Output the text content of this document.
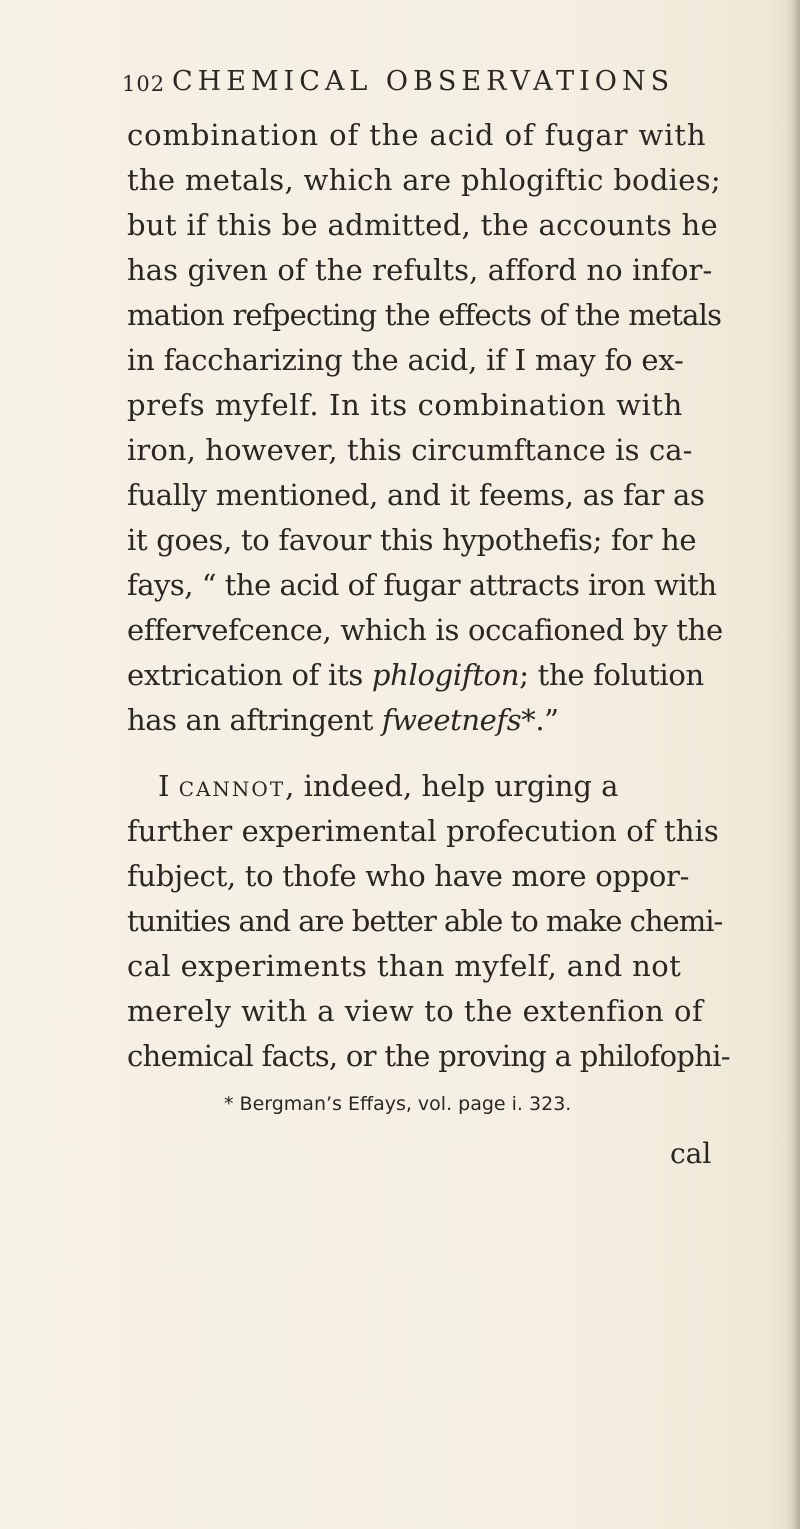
102 CHEMICAL OBSERVATIONS
combination of the acid of fugar with
the metals, which are phlogiftic bodies;
but if this be admitted, the accounts he
has given of the refults, afford no infor-
mation refpecting the effects of the metals
in faccharizing the acid, if I may fo ex-
prefs myfelf. In its combination with
iron, however, this circumftance is ca-
fually mentioned, and it feems, as far as
it goes, to favour this hypothefis; for he
fays, “ the acid of fugar attracts iron with
effervefcence, which is occafioned by the
extrication of its phlogifton; the folution
has an aftringent fweetnefs*.”
I cannot, indeed, help urging a
further experimental profecution of this
fubject, to thofe who have more oppor-
tunities and are better able to make chemi-
cal experiments than myfelf, and not
merely with a view to the extenfion of
chemical facts, or the proving a philofophi-
* Bergman’s Effays, vol. page i. 323.
cal
